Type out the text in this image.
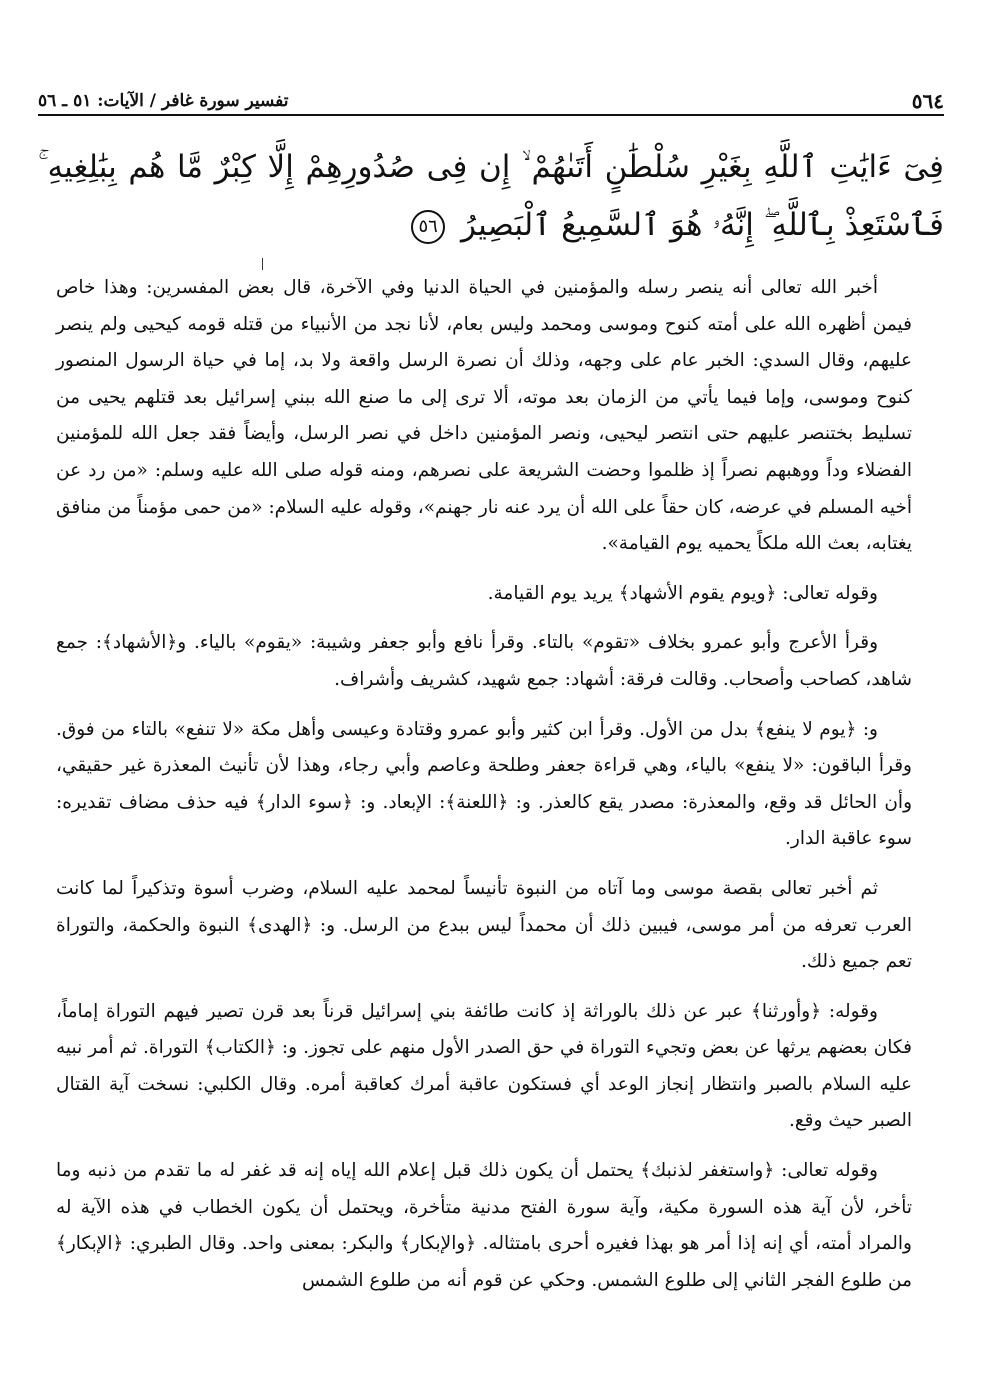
٥٦٤
تفسير سورة غافر / الآيات: ٥١ ـ ٥٦
فِىٓ ءَايَٰتِ ٱللَّهِ بِغَيْرِ سُلْطَٰنٍ أَتَىٰهُمْ ۙ إِن فِى صُدُورِهِمْ إِلَّا كِبْرٌ مَّا هُم بِبَٰلِغِيهِ ۚ فَٱسْتَعِذْ بِٱللَّهِ ۖ إِنَّهُۥ هُوَ ٱلسَّمِيعُ ٱلْبَصِيرُ ٥٦

أخبر الله تعالى أنه ينصر رسله والمؤمنين في الحياة الدنيا وفي الآخرة، قال بعض المفسرين: وهذا خاص فيمن أظهره الله على أمته كنوح وموسى ومحمد وليس بعام، لأنا نجد من الأنبياء من قتله قومه كيحيى ولم ينصر عليهم، وقال السدي: الخبر عام على وجهه، وذلك أن نصرة الرسل واقعة ولا بد، إما في حياة الرسول المنصور كنوح وموسى، وإما فيما يأتي من الزمان بعد موته، ألا ترى إلى ما صنع الله ببني إسرائيل بعد قتلهم يحيى من تسليط بختنصر عليهم حتى انتصر ليحيى، ونصر المؤمنين داخل في نصر الرسل، وأيضاً فقد جعل الله للمؤمنين الفضلاء وداً ووهبهم نصراً إذ ظلموا وحضت الشريعة على نصرهم، ومنه قوله صلى الله عليه وسلم: «من رد عن أخيه المسلم في عرضه، كان حقاً على الله أن يرد عنه نار جهنم»، وقوله عليه السلام: «من حمى مؤمناً من منافق يغتابه، بعث الله ملكاً يحميه يوم القيامة».

وقوله تعالى: ﴿ويوم يقوم الأشهاد﴾ يريد يوم القيامة.

وقرأ الأعرج وأبو عمرو بخلاف «تقوم» بالتاء. وقرأ نافع وأبو جعفر وشيبة: «يقوم» بالياء. و﴿الأشهاد﴾: جمع شاهد، كصاحب وأصحاب. وقالت فرقة: أشهاد: جمع شهيد، كشريف وأشراف.

و: ﴿يوم لا ينفع﴾ بدل من الأول. وقرأ ابن كثير وأبو عمرو وقتادة وعيسى وأهل مكة «لا تنفع» بالتاء من فوق. وقرأ الباقون: «لا ينفع» بالياء، وهي قراءة جعفر وطلحة وعاصم وأبي رجاء، وهذا لأن تأنيث المعذرة غير حقيقي، وأن الحائل قد وقع، والمعذرة: مصدر يقع كالعذر. و: ﴿اللعنة﴾: الإبعاد. و: ﴿سوء الدار﴾ فيه حذف مضاف تقديره: سوء عاقبة الدار.

ثم أخبر تعالى بقصة موسى وما آتاه من النبوة تأنيساً لمحمد عليه السلام، وضرب أسوة وتذكيراً لما كانت العرب تعرفه من أمر موسى، فيبين ذلك أن محمداً ليس ببدع من الرسل. و: ﴿الهدى﴾ النبوة والحكمة، والتوراة تعم جميع ذلك.

وقوله: ﴿وأورثنا﴾ عبر عن ذلك بالوراثة إذ كانت طائفة بني إسرائيل قرناً بعد قرن تصير فيهم التوراة إماماً، فكان بعضهم يرثها عن بعض وتجيء التوراة في حق الصدر الأول منهم على تجوز. و: ﴿الكتاب﴾ التوراة. ثم أمر نبيه عليه السلام بالصبر وانتظار إنجاز الوعد أي فستكون عاقبة أمرك كعاقبة أمره. وقال الكلبي: نسخت آية القتال الصبر حيث وقع.

وقوله تعالى: ﴿واستغفر لذنبك﴾ يحتمل أن يكون ذلك قبل إعلام الله إياه إنه قد غفر له ما تقدم من ذنبه وما تأخر، لأن آية هذه السورة مكية، وآية سورة الفتح مدنية متأخرة، ويحتمل أن يكون الخطاب في هذه الآية له والمراد أمته، أي إنه إذا أمر هو بهذا فغيره أحرى بامتثاله. ﴿والإبكار﴾ والبكر: بمعنى واحد. وقال الطبري: ﴿الإبكار﴾ من طلوع الفجر الثاني إلى طلوع الشمس. وحكي عن قوم أنه من طلوع الشمس
